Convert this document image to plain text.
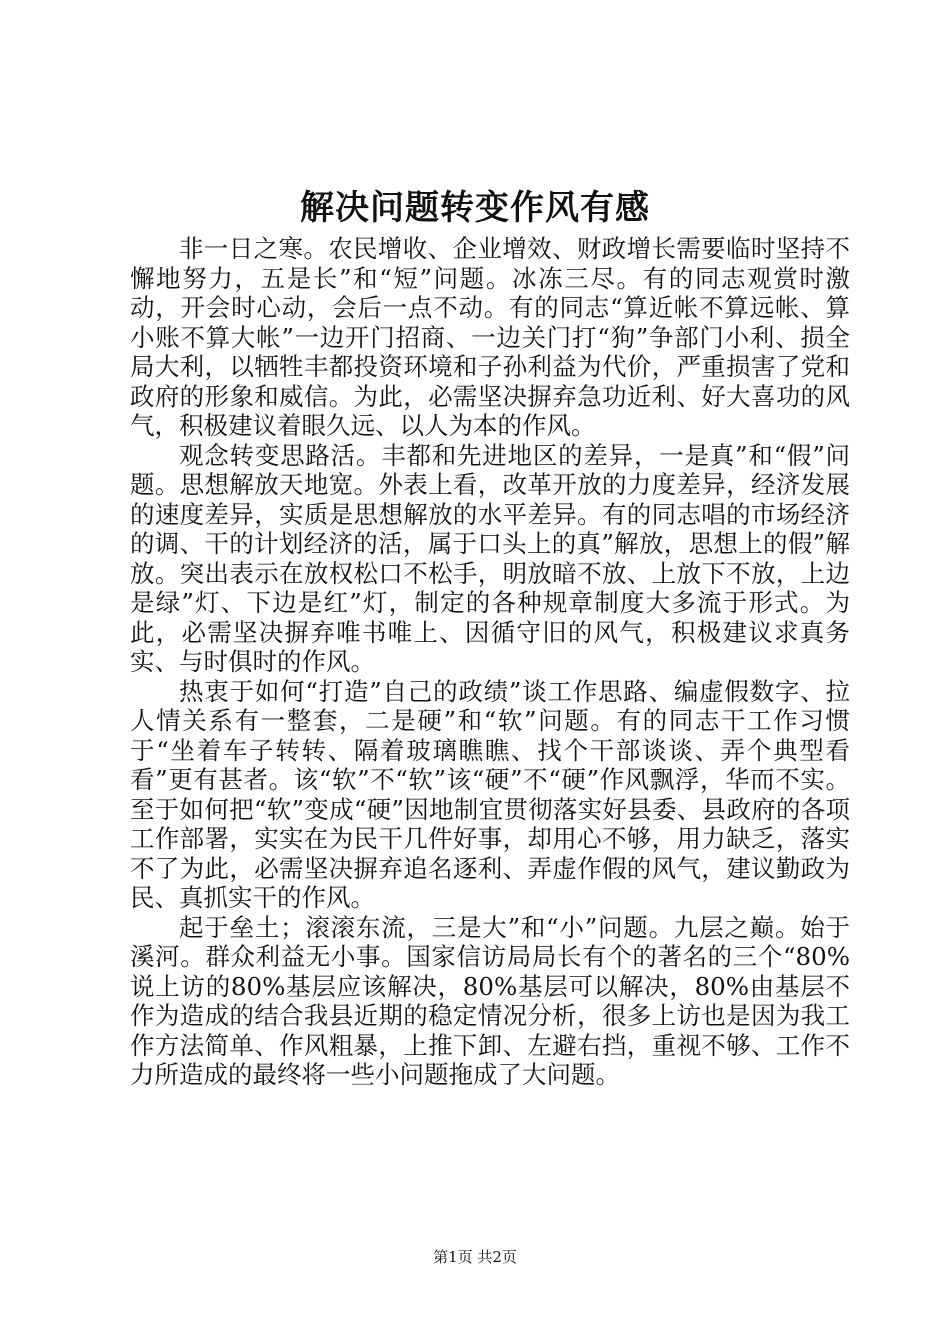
解决问题转变作风有感

非一日之寒。农民增收、企业增效、财政增长需要临时坚持不懈地努力，五是长”和“短”问题。冰冻三尽。有的同志观赏时激动，开会时心动，会后一点不动。有的同志“算近帐不算远帐、算小账不算大帐”一边开门招商、一边关门打“狗”争部门小利、损全局大利，以牺牲丰都投资环境和子孙利益为代价，严重损害了党和政府的形象和威信。为此，必需坚决摒弃急功近利、好大喜功的风气，积极建议着眼久远、以人为本的作风。

观念转变思路活。丰都和先进地区的差异，一是真”和“假”问题。思想解放天地宽。外表上看，改革开放的力度差异，经济发展的速度差异，实质是思想解放的水平差异。有的同志唱的市场经济的调、干的计划经济的活，属于口头上的真”解放，思想上的假”解放。突出表示在放权松口不松手，明放暗不放、上放下不放，上边是绿”灯、下边是红”灯，制定的各种规章制度大多流于形式。为此，必需坚决摒弃唯书唯上、因循守旧的风气，积极建议求真务实、与时俱时的作风。

热衷于如何“打造”自己的政绩”谈工作思路、编虚假数字、拉人情关系有一整套，二是硬”和“软”问题。有的同志干工作习惯于“坐着车子转转、隔着玻璃瞧瞧、找个干部谈谈、弄个典型看看”更有甚者。该“软”不“软”该“硬”不“硬”作风飘浮，华而不实。至于如何把“软”变成“硬”因地制宜贯彻落实好县委、县政府的各项工作部署，实实在为民干几件好事，却用心不够，用力缺乏，落实不了为此，必需坚决摒弃追名逐利、弄虚作假的风气，建议勤政为民、真抓实干的作风。

起于垒土；滚滚东流，三是大”和“小”问题。九层之巅。始于溪河。群众利益无小事。国家信访局局长有个的著名的三个“80%说上访的80%基层应该解决，80%基层可以解决，80%由基层不作为造成的结合我县近期的稳定情况分析，很多上访也是因为我工作方法简单、作风粗暴，上推下卸、左避右挡，重视不够、工作不力所造成的最终将一些小问题拖成了大问题。

第1页 共2页
